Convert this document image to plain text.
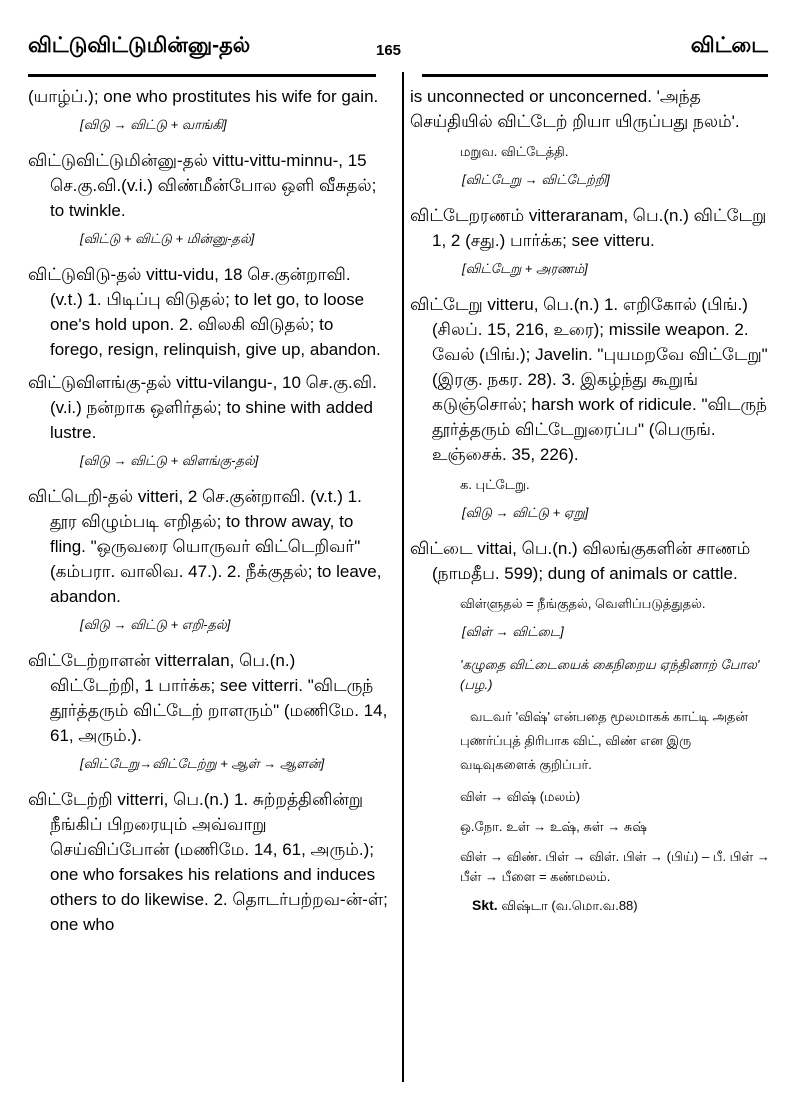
விட்டுவிட்டுமின்னு-தல்	165	விட்டை
(யாழ்ப்.); one who prostitutes his wife for gain.
[விடு → விட்டு + வாங்கி]
விட்டுவிட்டுமின்னு-தல் vittu-vittu-minnu-, 15 செ.கு.வி.(v.i.) விண்மீன்போல ஒளி வீசுதல்; to twinkle.
[விட்டு + விட்டு + மின்னு-தல்]
விட்டுவிடு-தல் vittu-vidu, 18 செ.குன்றாவி. (v.t.) 1. பிடிப்பு விடுதல்; to let go, to loose one's hold upon. 2. விலகி விடுதல்; to forego, resign, relinquish, give up, abandon.
விட்டுவிளங்கு-தல் vittu-vilangu-, 10 செ.கு.வி. (v.i.) நன்றாக ஒளிர்தல்; to shine with added lustre.
[விடு → விட்டு + விளங்கு-தல்]
விட்டெறி-தல் vitteri, 2 செ.குன்றாவி. (v.t.) 1. தூர விழும்படி எறிதல்; to throw away, to fling. "ஒருவரை யொருவர் விட்டெறிவர்" (கம்பரா. வாலிவ. 47.). 2. நீக்குதல்; to leave, abandon.
[விடு → விட்டு + எறி-தல்]
விட்டேற்றாளன் vitterralan, பெ.(n.) விட்டேற்றி, 1 பார்க்க; see vitterri. "விடருந் தூர்த்தரும் விட்டேற் றாளரும்" (மணிமே. 14, 61, அரும்.).
[விட்டேறு→விட்டேற்று + ஆள் → ஆளன்]
விட்டேற்றி vitterri, பெ.(n.) 1. சுற்றத்தினின்று நீங்கிப் பிறரையும் அவ்வாறு செய்விப்போன் (மணிமே. 14, 61, அரும்.); one who forsakes his relations and induces others to do likewise. 2. தொடர்பற்றவ-ன்-ள்; one who
is unconnected or unconcerned. 'அந்த செய்தியில் விட்டேற் றியா யிருப்பது நலம்'.
மறுவ. விட்டேத்தி.
[விட்டேறு → விட்டேற்றி]
விட்டேறரணம் vitteraranam, பெ.(n.) விட்டேறு 1, 2 (சது.) பார்க்க; see vitteru.
[விட்டேறு + அரணம்]
விட்டேறு vitteru, பெ.(n.) 1. எறிகோல் (பிங்.) (சிலப். 15, 216, உரை); missile weapon. 2. வேல் (பிங்.); Javelin. "புயமறவே விட்டேறு" (இரகு. நகர. 28). 3. இகழ்ந்து கூறுங் கடுஞ்சொல்; harsh work of ridicule. "விடருந் தூர்த்தரும் விட்டேறுரைப்ப" (பெருங். உஞ்சைக். 35, 226).
க. புட்டேறு.
[விடு → விட்டு + ஏறு]
விட்டை vittai, பெ.(n.) விலங்குகளின் சாணம் (நாமதீப. 599); dung of animals or cattle.
விள்ளுதல் = நீங்குதல், வெளிப்படுத்துதல்.
[விள் → விட்டை]
'கழுதை விட்டையைக் கைநிறைய ஏந்தினாற் போல' (பழ.)
வடவர் 'விஷ்' என்பதை மூலமாகக் காட்டி அதன் புணர்ப்புத் திரிபாக விட், விண் என இரு வடிவுகளைக் குறிப்பர்.
விள் → விஷ் (மலம்)
ஒ.நோ. உள் → உஷ், சுள் → சுஷ்
விள் → விண். பிள் → விள். பிள் → (பிய்) – பீ. பிள் → பீள் → பீளை = கண்மலம்.
Skt. விஷ்டா (வ.மொ.வ.88)
